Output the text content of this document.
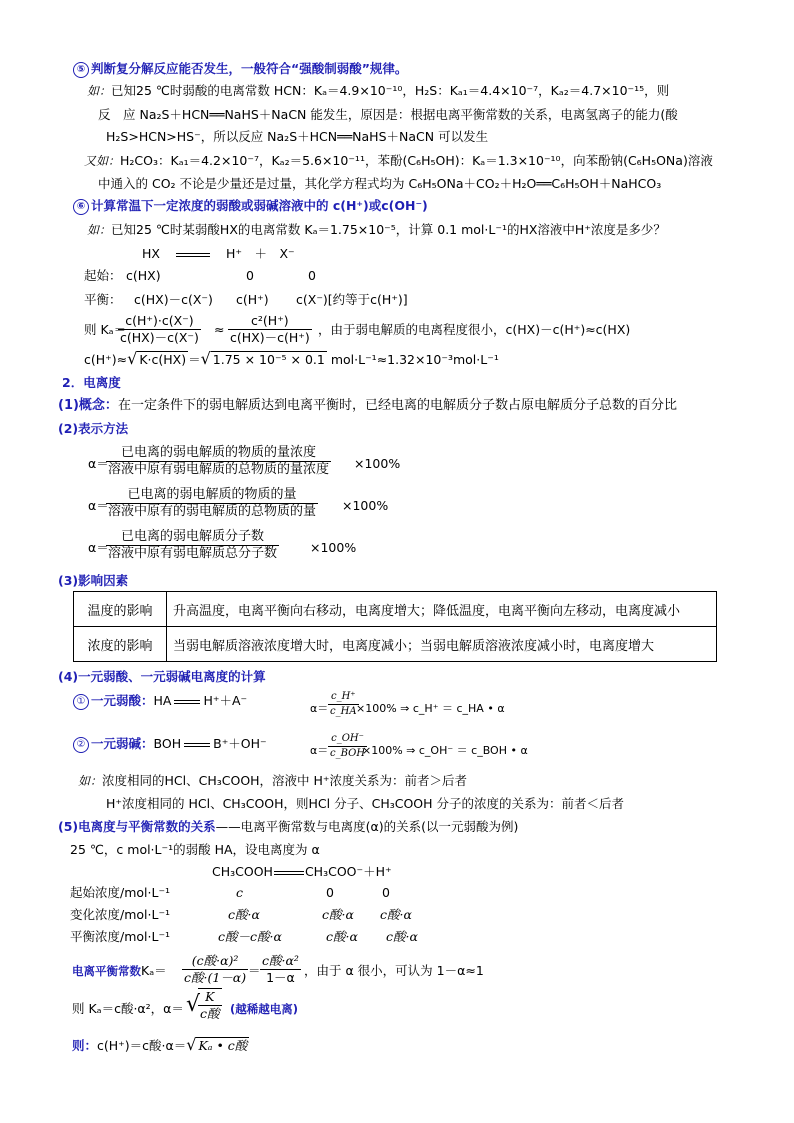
⑤ 判断复分解反应能否发生，一般符合“强酸制弱酸”规律。
如：已知25 ℃时弱酸的电离常数 HCN：Kₐ＝4.9×10⁻¹⁰，H₂S：Kₐ₁＝4.4×10⁻⁷，Kₐ₂＝4.7×10⁻¹⁵，则
反　应 Na₂S＋HCN══NaHS＋NaCN 能发生，原因是：根据电离平衡常数的关系，电离氢离子的能力(酸
H₂S>HCN>HS⁻，所以反应 Na₂S＋HCN══NaHS＋NaCN 可以发生
又如：H₂CO₃：Kₐ₁＝4.2×10⁻⁷，Kₐ₂＝5.6×10⁻¹¹，苯酚(C₆H₅OH)：Kₐ＝1.3×10⁻¹⁰，向苯酚钠(C₆H₅ONa)溶液
中通入的 CO₂ 不论是少量还是过量，其化学方程式均为 C₆H₅ONa＋CO₂＋H₂O══C₆H₅OH＋NaHCO₃
⑥ 计算常温下一定浓度的弱酸或弱碱溶液中的 c(H⁺)或c(OH⁻)
如：已知25 ℃时某弱酸HX的电离常数 Kₐ＝1.75×10⁻⁵，计算 0.1 mol·L⁻¹的HX溶液中H⁺浓度是多少？
HX	H⁺　＋　X⁻
起始： c(HX)	0	0
平衡： c(HX)－c(X⁻) c(H⁺) c(X⁻)[约等于c(H⁺)]
则 Kₐ＝
$\frac{c(H^+)\cdot c(X^-)}{c(HX)-c(X^-)} \approx \frac{\text{c²(H⁺)}}{c(HX)-c(H^+)}$ ，由于弱电解质的电离程度很小，c(HX)－c(H⁺)≈c(HX)
c(H⁺)≈√ K·c(HX) ＝√ 1.75 × 10⁻⁵ × 0.1 mol·L⁻¹≈1.32×10⁻³mol·L⁻¹
2．电离度
(1)概念：在一定条件下的弱电解质达到电离平衡时，已经电离的电解质分子数占原电解质分子总数的百分比
(2)表示方法
α＝
已电离的弱电解质的物质的量浓度
溶液中原有弱电解质的总物质的量浓度 ×100%
α＝
已电离的弱电解质的物质的量
溶液中原有的弱电解质的总物质的量 ×100%
α＝
已电离的弱电解质分子数
溶液中原有弱电解质总分子数	×100%
(3)影响因素
温度的影响	升高温度，电离平衡向右移动，电离度增大；降低温度，电离平衡向左移动，电离度减小
浓度的影响	当弱电解质溶液浓度增大时，电离度减小；当弱电解质溶液浓度减小时，电离度增大
(4)一元弱酸、一元弱碱电离度的计算
① 一元弱酸：HA	H⁺＋A⁻
$\alpha= \frac{c\_H^+}{c\_HA}$
×100% ⇒ c_H⁺ ＝ c_HA • α
② 一元弱碱：BOH	B⁺＋OH⁻	α＝
c_OH⁻
c_BOH
×100% ⇒ c_OH⁻ ＝ c_BOH • α
如：浓度相同的HCl、CH₃COOH，溶液中 H⁺浓度关系为：前者＞后者
H⁺浓度相同的 HCl、CH₃COOH，则HCl 分子、CH₃COOH 分子的浓度的关系为：前者＜后者
(5)电离度与平衡常数的关系——电离平衡常数与电离度(α)的关系(以一元弱酸为例)
25 ℃，c mol·L⁻¹的弱酸 HA，设电离度为 α
CH₃COOH	CH₃COO⁻＋H⁺
起始浓度/mol·L⁻¹	c	0	0
变化浓度/mol·L⁻¹	c酸·α	c酸·α c酸·α
平衡浓度/mol·L⁻¹	c酸－c酸·α	c酸·α c酸·α
电离平衡常数Kₐ＝
(c酸·α)²
c酸·(1－α) ＝
c酸·α²
1－α ，由于 α 很小，可认为 1－α≈1
则 Kₐ＝c酸·α²，α＝ √ K
c酸 (越稀越电离)
则：c(H⁺)＝c酸·α＝√ Kₐ • c酸
